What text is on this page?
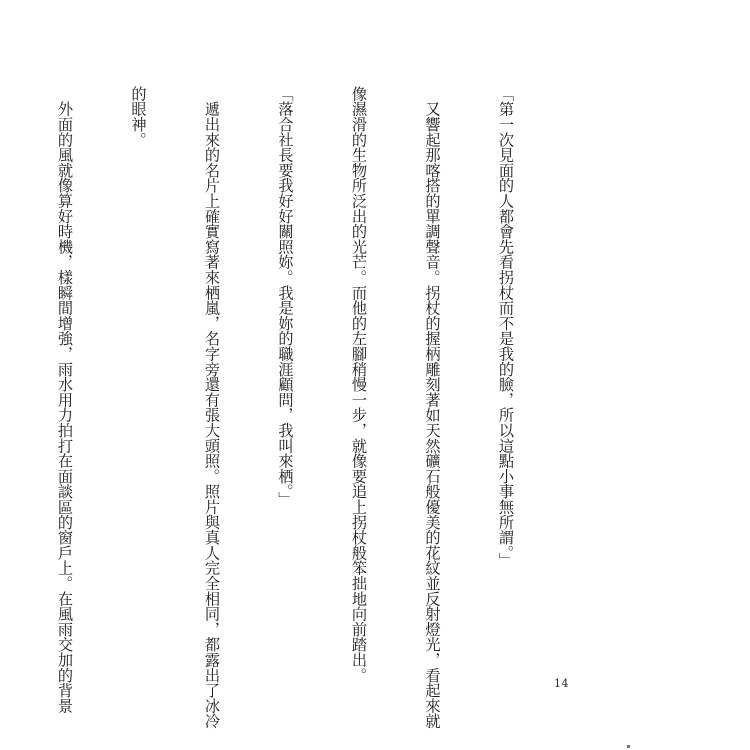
「第一次見面的人都會先看拐杖而不是我的臉，所以這點小事無所謂。」

　又響起那喀搭的單調聲音。拐杖的握柄雕刻著如天然礦石般優美的花紋並反射燈光，看起來就

像濕滑的生物所泛出的光芒。而他的左腳稍慢一步，就像要追上拐杖般笨拙地向前踏出。

「落合社長要我好好關照妳。我是妳的職涯顧問，我叫來栖。」

　遞出來的名片上確實寫著來栖嵐，名字旁還有張大頭照。照片與真人完全相同，都露出了冰冷

的眼神。

　外面的風就像算好時機，樣瞬間增強，雨水用力拍打在面談區的窗戶上。在風雨交加的背景

	14
